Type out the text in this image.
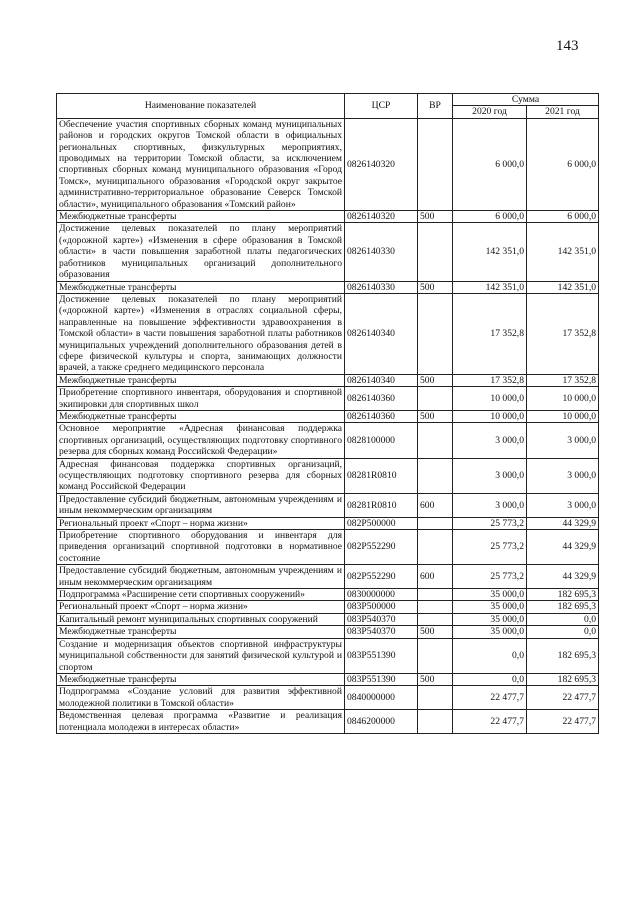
143
Наименование показателей	ЦСР	ВР	Сумма	
			2020 год	2021 год
Обеспечение участия спортивных сборных команд муниципальных районов и городских округов Томской области в официальных региональных спортивных, физкультурных мероприятиях, проводимых на территории Томской области, за исключением спортивных сборных команд муниципального образования «Город Томск», муниципального образования «Городской округ закрытое административно-территориальное образование Северск Томской области», муниципального образования «Томский район»	0826140320		6 000,0	6 000,0
Межбюджетные трансферты	0826140320	500	6 000,0	6 000,0
Достижение целевых показателей по плану мероприятий («дорожной карте») «Изменения в сфере образования в Томской области» в части повышения заработной платы педагогических работников муниципальных организаций дополнительного образования	0826140330		142 351,0	142 351,0
Межбюджетные трансферты	0826140330	500	142 351,0	142 351,0
Достижение целевых показателей по плану мероприятий («дорожной карте») «Изменения в отраслях социальной сферы, направленные на повышение эффективности здравоохранения в Томской области» в части повышения заработной платы работников муниципальных учреждений дополнительного образования детей в сфере физической культуры и спорта, занимающих должности врачей, а также среднего медицинского персонала	0826140340		17 352,8	17 352,8
Межбюджетные трансферты	0826140340	500	17 352,8	17 352,8
Приобретение спортивного инвентаря, оборудования и спортивной экипировки для спортивных школ	0826140360		10 000,0	10 000,0
Межбюджетные трансферты	0826140360	500	10 000,0	10 000,0
Основное мероприятие «Адресная финансовая поддержка спортивных организаций, осуществляющих подготовку спортивного резерва для сборных команд Российской Федерации»	0828100000		3 000,0	3 000,0
Адресная финансовая поддержка спортивных организаций, осуществляющих подготовку спортивного резерва для сборных команд Российской Федерации	08281R0810		3 000,0	3 000,0
Предоставление субсидий бюджетным, автономным учреждениям и иным некоммерческим организациям	08281R0810	600	3 000,0	3 000,0
Региональный проект «Спорт – норма жизни»	082P500000		25 773,2	44 329,9
Приобретение спортивного оборудования и инвентаря для приведения организаций спортивной подготовки в нормативное состояние	082P552290		25 773,2	44 329,9
Предоставление субсидий бюджетным, автономным учреждениям и иным некоммерческим организациям	082P552290	600	25 773,2	44 329,9
Подпрограмма «Расширение сети спортивных сооружений»	0830000000		35 000,0	182 695,3
Региональный проект «Спорт – норма жизни»	083P500000		35 000,0	182 695,3
Капитальный ремонт муниципальных спортивных сооружений	083P540370		35 000,0	0,0
Межбюджетные трансферты	083P540370	500	35 000,0	0,0
Создание и модернизация объектов спортивной инфраструктуры муниципальной собственности для занятий физической культурой и спортом	083P551390		0,0	182 695,3
Межбюджетные трансферты	083P551390	500	0,0	182 695,3
Подпрограмма «Создание условий для развития эффективной молодежной политики в Томской области»	0840000000		22 477,7	22 477,7
Ведомственная целевая программа «Развитие и реализация потенциала молодежи в интересах области»	0846200000		22 477,7	22 477,7
